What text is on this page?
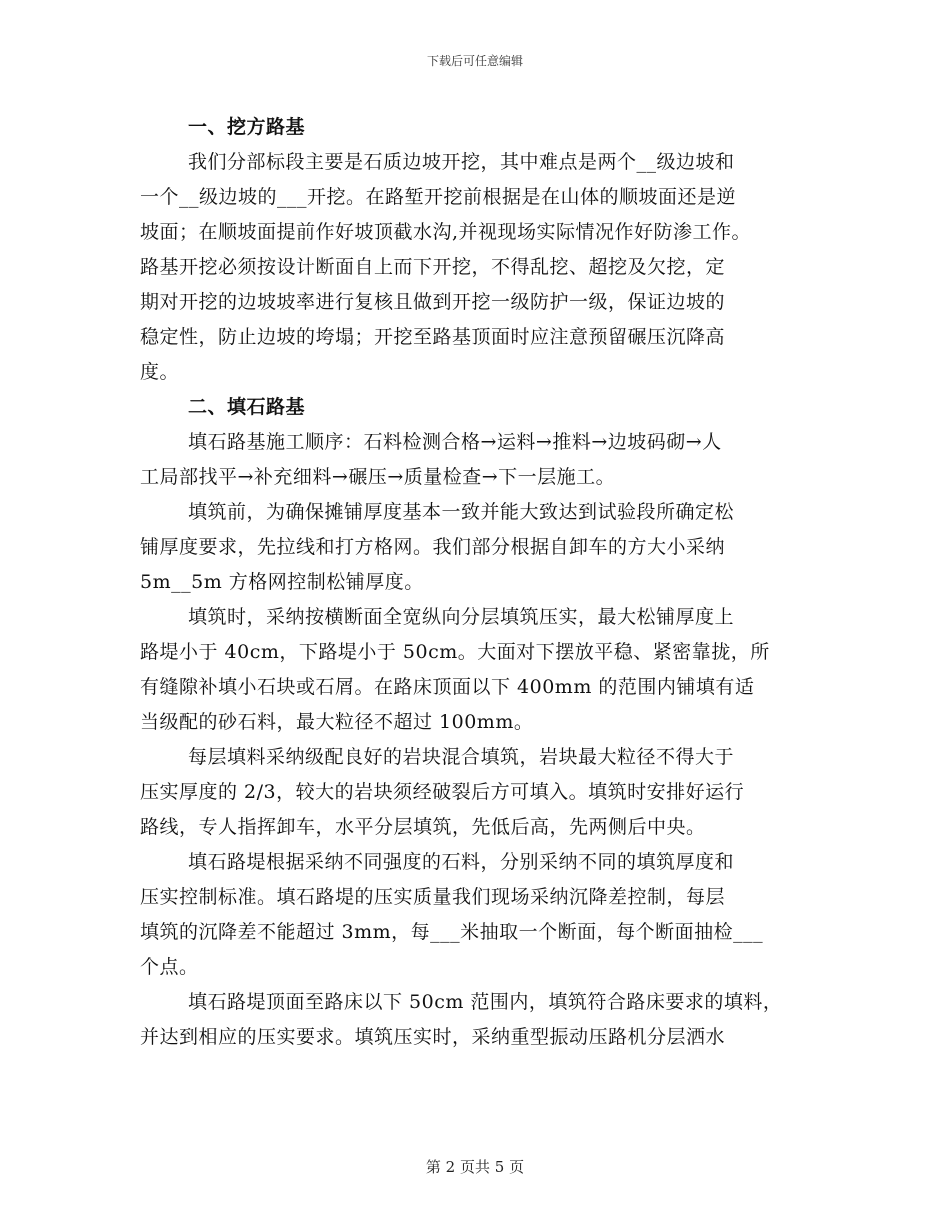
下载后可任意编辑
一、挖方路基
我们分部标段主要是石质边坡开挖，其中难点是两个__级边坡和
一个__级边坡的___开挖。在路堑开挖前根据是在山体的顺坡面还是逆
坡面；在顺坡面提前作好坡顶截水沟,并视现场实际情况作好防渗工作。
路基开挖必须按设计断面自上而下开挖，不得乱挖、超挖及欠挖，定
期对开挖的边坡坡率进行复核且做到开挖一级防护一级，保证边坡的
稳定性，防止边坡的垮塌；开挖至路基顶面时应注意预留碾压沉降高
度。
二、填石路基
填石路基施工顺序：石料检测合格→运料→推料→边坡码砌→人
工局部找平→补充细料→碾压→质量检查→下一层施工。
填筑前，为确保摊铺厚度基本一致并能大致达到试验段所确定松
铺厚度要求，先拉线和打方格网。我们部分根据自卸车的方大小采纳
5m__5m 方格网控制松铺厚度。
填筑时，采纳按横断面全宽纵向分层填筑压实，最大松铺厚度上
路堤小于 40cm，下路堤小于 50cm。大面对下摆放平稳、紧密靠拢，所
有缝隙补填小石块或石屑。在路床顶面以下 400mm 的范围内铺填有适
当级配的砂石料，最大粒径不超过 100mm。
每层填料采纳级配良好的岩块混合填筑，岩块最大粒径不得大于
压实厚度的 2/3，较大的岩块须经破裂后方可填入。填筑时安排好运行
路线，专人指挥卸车，水平分层填筑，先低后高，先两侧后中央。
填石路堤根据采纳不同强度的石料，分别采纳不同的填筑厚度和
压实控制标准。填石路堤的压实质量我们现场采纳沉降差控制，每层
填筑的沉降差不能超过 3mm，每___米抽取一个断面，每个断面抽检___
个点。
填石路堤顶面至路床以下 50cm 范围内，填筑符合路床要求的填料，
并达到相应的压实要求。填筑压实时，采纳重型振动压路机分层洒水
第 2 页共 5 页
